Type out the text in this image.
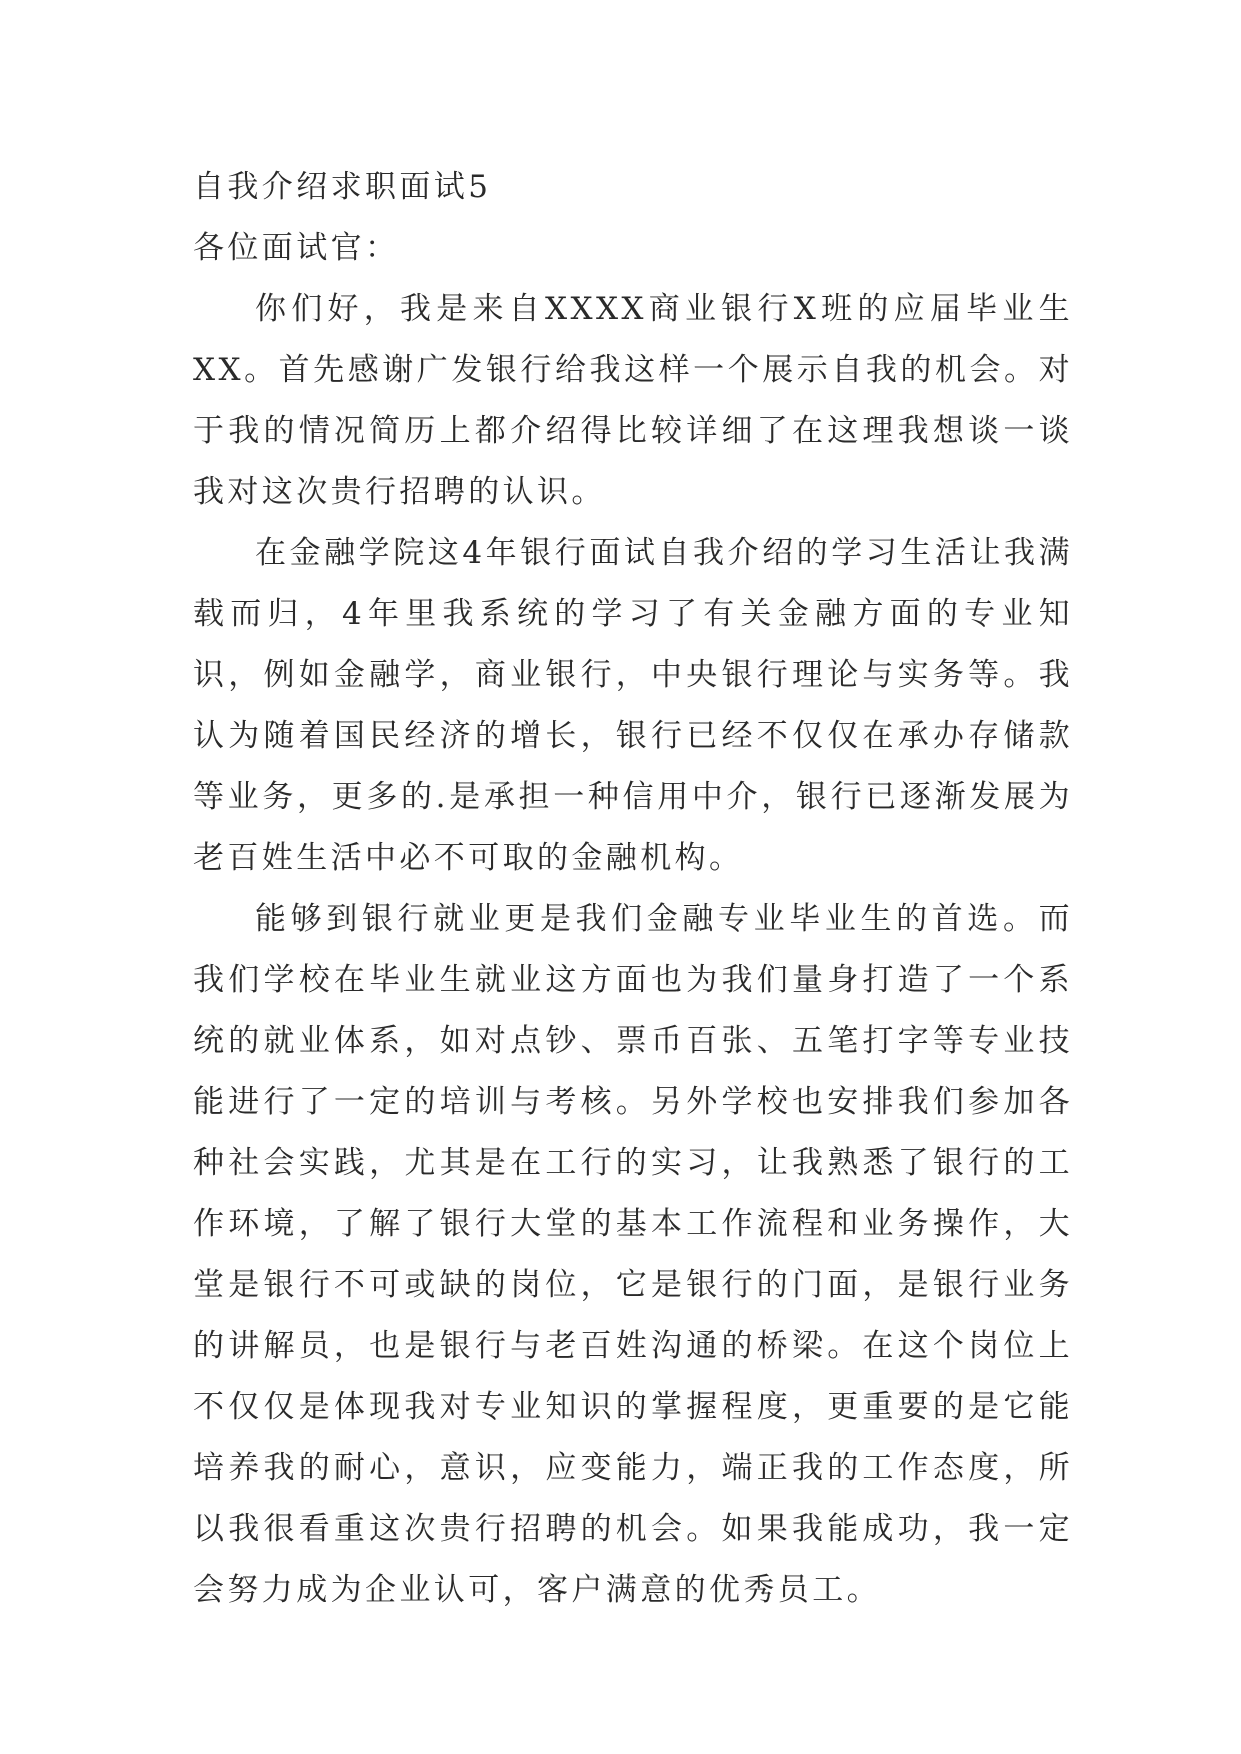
自我介绍求职面试5

各位面试官：

你们好，我是来自XXXX商业银行X班的应届毕业生XX。首先感谢广发银行给我这样一个展示自我的机会。对于我的情况简历上都介绍得比较详细了在这理我想谈一谈我对这次贵行招聘的认识。

在金融学院这4年银行面试自我介绍的学习生活让我满载而归，4年里我系统的学习了有关金融方面的专业知识，例如金融学，商业银行，中央银行理论与实务等。我认为随着国民经济的增长，银行已经不仅仅在承办存储款等业务，更多的.是承担一种信用中介，银行已逐渐发展为老百姓生活中必不可取的金融机构。

能够到银行就业更是我们金融专业毕业生的首选。而我们学校在毕业生就业这方面也为我们量身打造了一个系统的就业体系，如对点钞、票币百张、五笔打字等专业技能进行了一定的培训与考核。另外学校也安排我们参加各种社会实践，尤其是在工行的实习，让我熟悉了银行的工作环境，了解了银行大堂的基本工作流程和业务操作，大堂是银行不可或缺的岗位，它是银行的门面，是银行业务的讲解员，也是银行与老百姓沟通的桥梁。在这个岗位上不仅仅是体现我对专业知识的掌握程度，更重要的是它能培养我的耐心，意识，应变能力，端正我的工作态度，所以我很看重这次贵行招聘的机会。如果我能成功，我一定会努力成为企业认可，客户满意的优秀员工。
